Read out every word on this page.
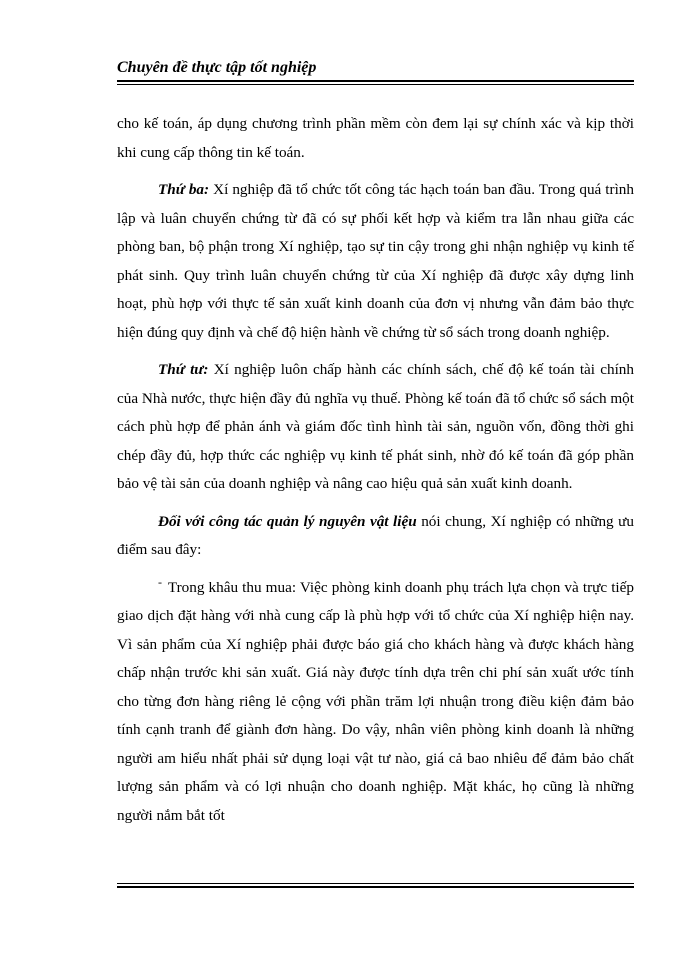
Chuyên đề thực tập tốt nghiệp

cho kế toán, áp dụng chương trình phần mềm còn đem lại sự chính xác và kịp thời khi cung cấp thông tin kế toán.

Thứ ba: Xí nghiệp đã tổ chức tốt công tác hạch toán ban đầu. Trong quá trình lập và luân chuyển chứng từ đã có sự phối kết hợp và kiểm tra lẫn nhau giữa các phòng ban, bộ phận trong Xí nghiệp, tạo sự tin cậy trong ghi nhận nghiệp vụ kinh tế phát sinh. Quy trình luân chuyển chứng từ của Xí nghiệp đã được xây dựng linh hoạt, phù hợp với thực tế sản xuất kinh doanh của đơn vị nhưng vẫn đảm bảo thực hiện đúng quy định và chế độ hiện hành về chứng từ sổ sách trong doanh nghiệp.

Thứ tư: Xí nghiệp luôn chấp hành các chính sách, chế độ kế toán tài chính của Nhà nước, thực hiện đầy đủ nghĩa vụ thuế. Phòng kế toán đã tổ chức sổ sách một cách phù hợp để phản ánh và giám đốc tình hình tài sản, nguồn vốn, đồng thời ghi chép đầy đủ, hợp thức các nghiệp vụ kinh tế phát sinh, nhờ đó kế toán đã góp phần bảo vệ tài sản của doanh nghiệp và nâng cao hiệu quả sản xuất kinh doanh.

Đối với công tác quản lý nguyên vật liệu nói chung, Xí nghiệp có những ưu điểm sau đây:

- Trong khâu thu mua: Việc phòng kinh doanh phụ trách lựa chọn và trực tiếp giao dịch đặt hàng với nhà cung cấp là phù hợp với tổ chức của Xí nghiệp hiện nay. Vì sản phẩm của Xí nghiệp phải được báo giá cho khách hàng và được khách hàng chấp nhận trước khi sản xuất. Giá này được tính dựa trên chi phí sản xuất ước tính cho từng đơn hàng riêng lẻ cộng với phần trăm lợi nhuận trong điều kiện đảm bảo tính cạnh tranh để giành đơn hàng. Do vậy, nhân viên phòng kinh doanh là những người am hiểu nhất phải sử dụng loại vật tư nào, giá cả bao nhiêu để đảm bảo chất lượng sản phẩm và có lợi nhuận cho doanh nghiệp. Mặt khác, họ cũng là những người nắm bắt tốt
